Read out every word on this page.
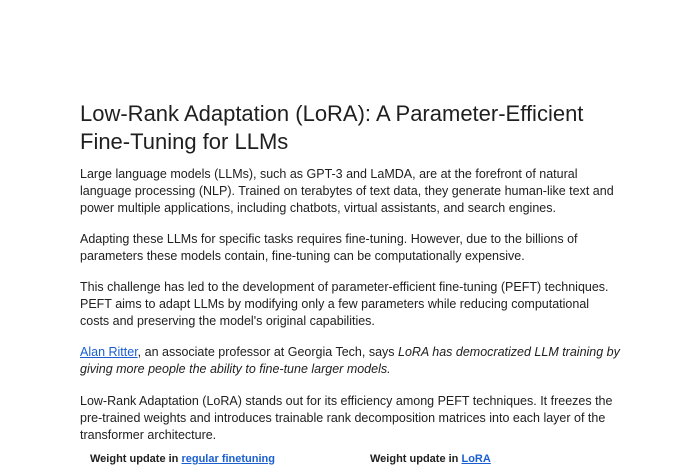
Low-Rank Adaptation (LoRA): A Parameter-Efficient Fine-Tuning for LLMs

Large language models (LLMs), such as GPT-3 and LaMDA, are at the forefront of natural language processing (NLP). Trained on terabytes of text data, they generate human-like text and power multiple applications, including chatbots, virtual assistants, and search engines.

Adapting these LLMs for specific tasks requires fine-tuning. However, due to the billions of parameters these models contain, fine-tuning can be computationally expensive.

This challenge has led to the development of parameter-efficient fine-tuning (PEFT) techniques. PEFT aims to adapt LLMs by modifying only a few parameters while reducing computational costs and preserving the model's original capabilities.

Alan Ritter, an associate professor at Georgia Tech, says LoRA has democratized LLM training by giving more people the ability to fine-tune larger models.

Low-Rank Adaptation (LoRA) stands out for its efficiency among PEFT techniques. It freezes the pre-trained weights and introduces trainable rank decomposition matrices into each layer of the transformer architecture.

Weight update in regular finetuning	Weight update in LoRA
